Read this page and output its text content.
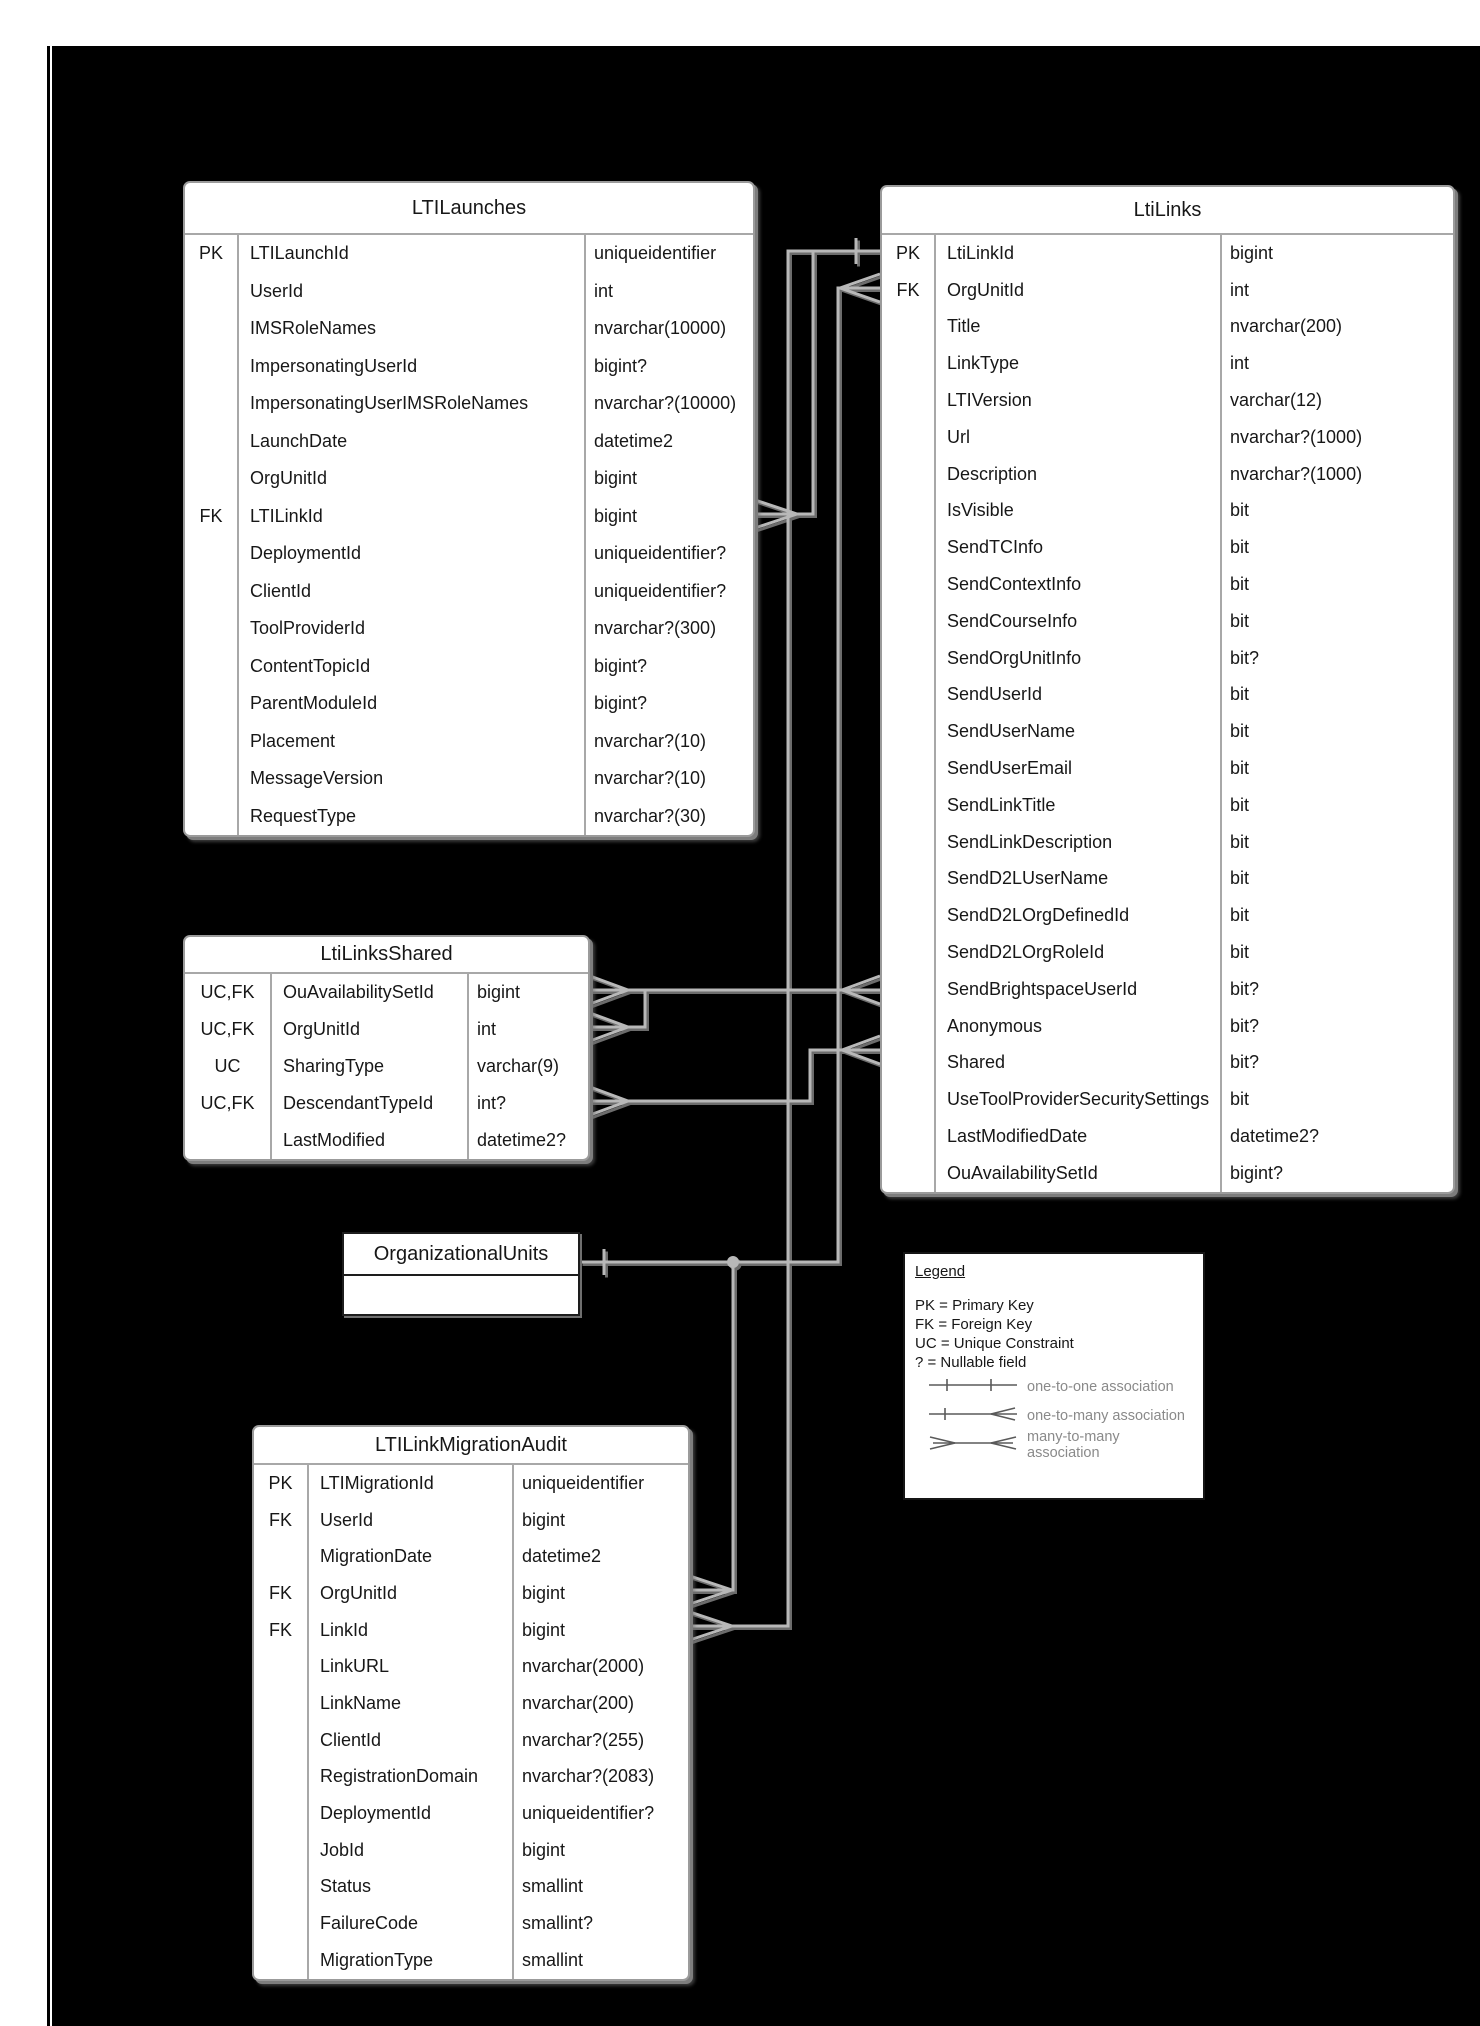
LTILaunches
PK	LTILaunchId	uniqueidentifier
UserId	int
IMSRoleNames	nvarchar(10000)
ImpersonatingUserId	bigint?
ImpersonatingUserIMSRoleNames	nvarchar?(10000)
LaunchDate	datetime2
OrgUnitId	bigint
FK	LTILinkId	bigint
DeploymentId	uniqueidentifier?
ClientId	uniqueidentifier?
ToolProviderId	nvarchar?(300)
ContentTopicId	bigint?
ParentModuleId	bigint?
Placement	nvarchar?(10)
MessageVersion	nvarchar?(10)
RequestType	nvarchar?(30)
LtiLinks
PK	LtiLinkId	bigint
FK	OrgUnitId	int
Title	nvarchar(200)
LinkType	int
LTIVersion	varchar(12)
Url	nvarchar?(1000)
Description	nvarchar?(1000)
IsVisible	bit
SendTCInfo	bit
SendContextInfo	bit
SendCourseInfo	bit
SendOrgUnitInfo	bit?
SendUserId	bit
SendUserName	bit
SendUserEmail	bit
SendLinkTitle	bit
SendLinkDescription	bit
SendD2LUserName	bit
SendD2LOrgDefinedId	bit
SendD2LOrgRoleId	bit
SendBrightspaceUserId	bit?
Anonymous	bit?
Shared	bit?
UseToolProviderSecuritySettings	bit
LastModifiedDate	datetime2?
OuAvailabilitySetId	bigint?
LtiLinksShared
UC,FK	OuAvailabilitySetId	bigint
UC,FK	OrgUnitId	int
UC	SharingType	varchar(9)
UC,FK	DescendantTypeId	int?
LastModified	datetime2?
OrganizationalUnits
LTILinkMigrationAudit
PK	LTIMigrationId	uniqueidentifier
FK	UserId	bigint
MigrationDate	datetime2
FK	OrgUnitId	bigint
FK	LinkId	bigint
LinkURL	nvarchar(2000)
LinkName	nvarchar(200)
ClientId	nvarchar?(255)
RegistrationDomain	nvarchar?(2083)
DeploymentId	uniqueidentifier?
JobId	bigint
Status	smallint
FailureCode	smallint?
MigrationType	smallint
Legend
PK = Primary Key
FK = Foreign Key
UC = Unique Constraint
? = Nullable field
one-to-one association
one-to-many association
many-to-many association
